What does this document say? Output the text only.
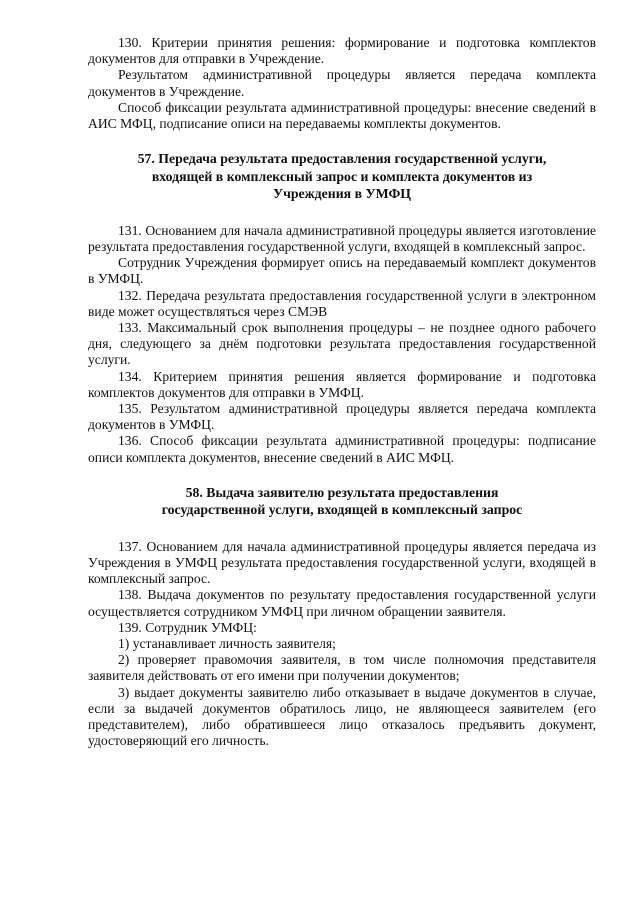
130. Критерии принятия решения: формирование и подготовка комплектов документов для отправки в Учреждение.

Результатом административной процедуры является передача комплекта документов в Учреждение.

Способ фиксации результата административной процедуры: внесение сведений в АИС МФЦ, подписание описи на передаваемы комплекты документов.

57. Передача результата предоставления государственной услуги,
входящей в комплексный запрос и комплекта документов из
Учреждения в УМФЦ

131. Основанием для начала административной процедуры является изготовление результата предоставления государственной услуги, входящей в комплексный запрос.

Сотрудник Учреждения формирует опись на передаваемый комплект документов в УМФЦ.

132. Передача результата предоставления государственной услуги в электронном виде может осуществляться через СМЭВ

133. Максимальный срок выполнения процедуры – не позднее одного рабочего дня, следующего за днём подготовки результата предоставления государственной услуги.

134. Критерием принятия решения является формирование и подготовка комплектов документов для отправки в УМФЦ.

135. Результатом административной процедуры является передача комплекта документов в УМФЦ.

136. Способ фиксации результата административной процедуры: подписание описи комплекта документов, внесение сведений в АИС МФЦ.

58. Выдача заявителю результата предоставления
государственной услуги, входящей в комплексный запрос

137. Основанием для начала административной процедуры является передача из Учреждения в УМФЦ результата предоставления государственной услуги, входящей в комплексный запрос.

138. Выдача документов по результату предоставления государственной услуги осуществляется сотрудником УМФЦ при личном обращении заявителя.

139. Сотрудник УМФЦ:

1) устанавливает личность заявителя;

2) проверяет правомочия заявителя, в том числе полномочия представителя заявителя действовать от его имени при получении документов;

3) выдает документы заявителю либо отказывает в выдаче документов в случае, если за выдачей документов обратилось лицо, не являющееся заявителем (его представителем), либо обратившееся лицо отказалось предъявить документ, удостоверяющий его личность.
